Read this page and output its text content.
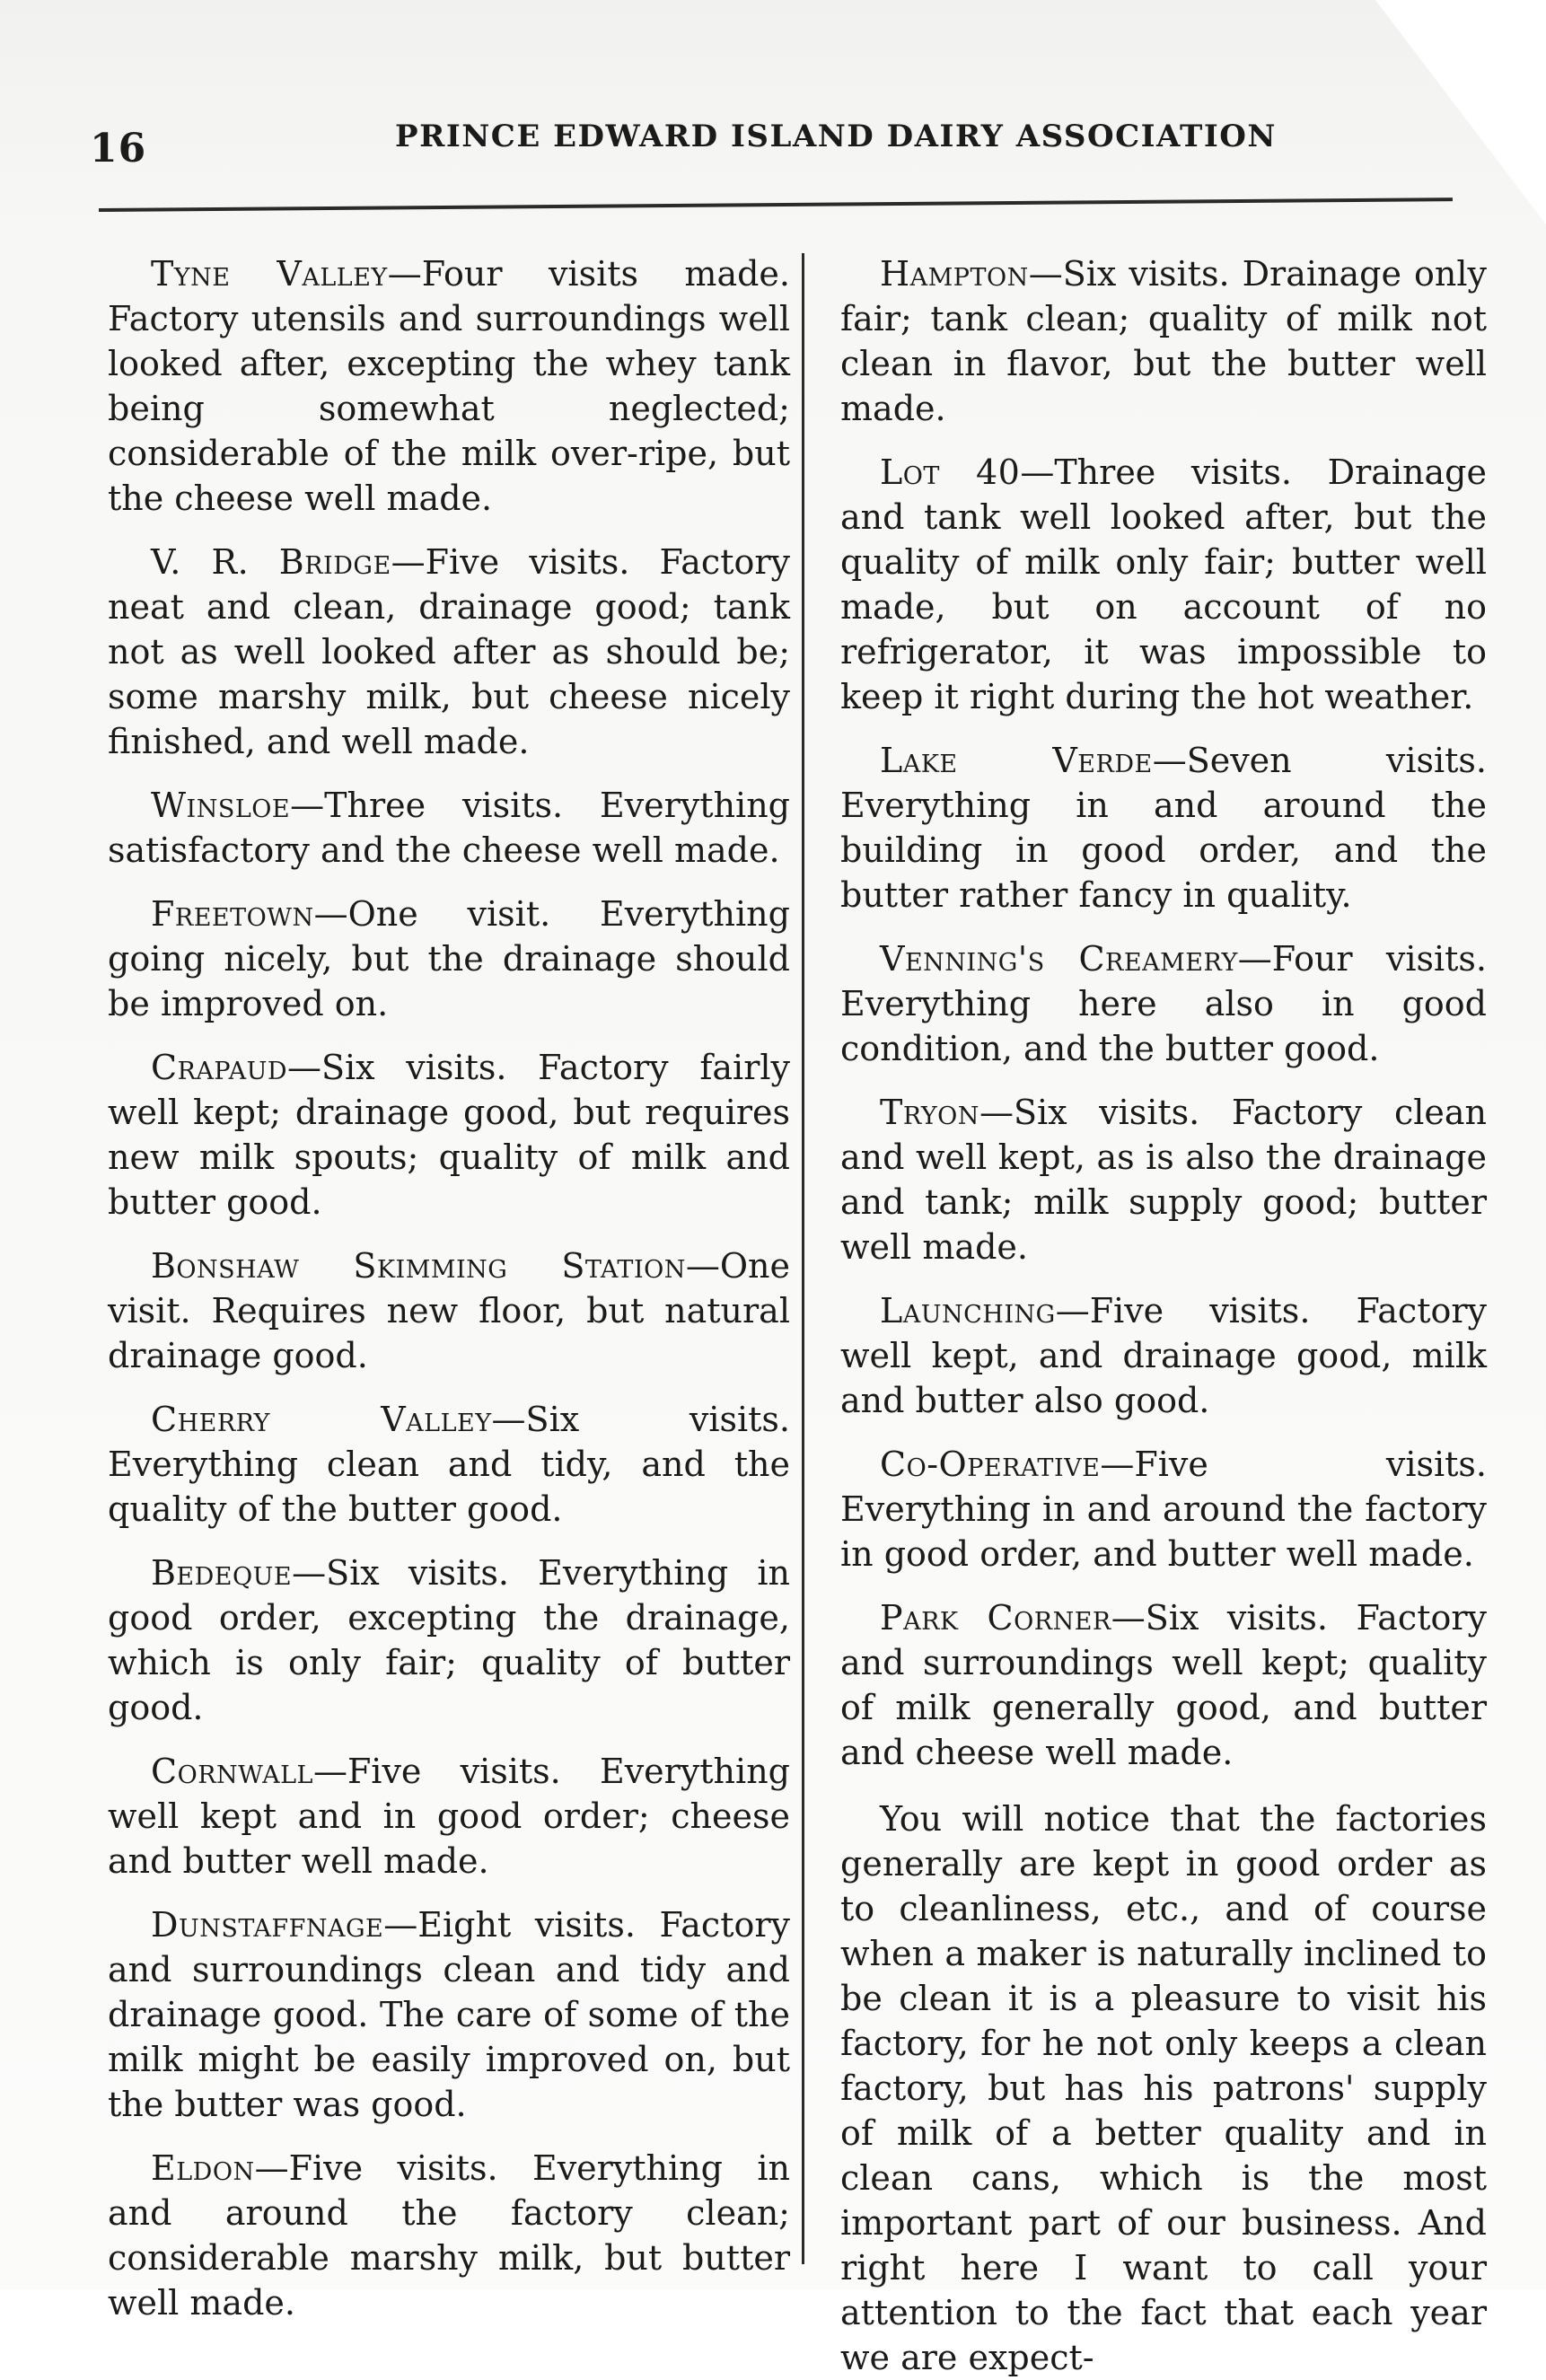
16	PRINCE EDWARD ISLAND DAIRY ASSOCIATION

Tyne Valley—Four visits made. Factory utensils and surroundings well looked after, excepting the whey tank being somewhat neglected; considerable of the milk over-ripe, but the cheese well made.

V. R. Bridge—Five visits. Factory neat and clean, drainage good; tank not as well looked after as should be; some marshy milk, but cheese nicely finished, and well made.

Winsloe—Three visits. Everything satisfactory and the cheese well made.

Freetown—One visit. Everything going nicely, but the drainage should be improved on.

Crapaud—Six visits. Factory fairly well kept; drainage good, but requires new milk spouts; quality of milk and butter good.

Bonshaw Skimming Station—One visit. Requires new floor, but natural drainage good.

Cherry Valley—Six visits. Everything clean and tidy, and the quality of the butter good.

Bedeque—Six visits. Everything in good order, excepting the drainage, which is only fair; quality of butter good.

Cornwall—Five visits. Everything well kept and in good order; cheese and butter well made.

Dunstaffnage—Eight visits. Factory and surroundings clean and tidy and drainage good. The care of some of the milk might be easily improved on, but the butter was good.

Eldon—Five visits. Everything in and around the factory clean; considerable marshy milk, but butter well made.

Hampton—Six visits. Drainage only fair; tank clean; quality of milk not clean in flavor, but the butter well made.

Lot 40—Three visits. Drainage and tank well looked after, but the quality of milk only fair; butter well made, but on account of no refrigerator, it was impossible to keep it right during the hot weather.

Lake Verde—Seven visits. Everything in and around the building in good order, and the butter rather fancy in quality.

Venning's Creamery—Four visits. Everything here also in good condition, and the butter good.

Tryon—Six visits. Factory clean and well kept, as is also the drainage and tank; milk supply good; butter well made.

Launching—Five visits. Factory well kept, and drainage good, milk and butter also good.

Co-Operative—Five visits. Everything in and around the factory in good order, and butter well made.

Park Corner—Six visits. Factory and surroundings well kept; quality of milk generally good, and butter and cheese well made.

You will notice that the factories generally are kept in good order as to cleanliness, etc., and of course when a maker is naturally inclined to be clean it is a pleasure to visit his factory, for he not only keeps a clean factory, but has his patrons' supply of milk of a better quality and in clean cans, which is the most important part of our business. And right here I want to call your attention to the fact that each year we are expect-
